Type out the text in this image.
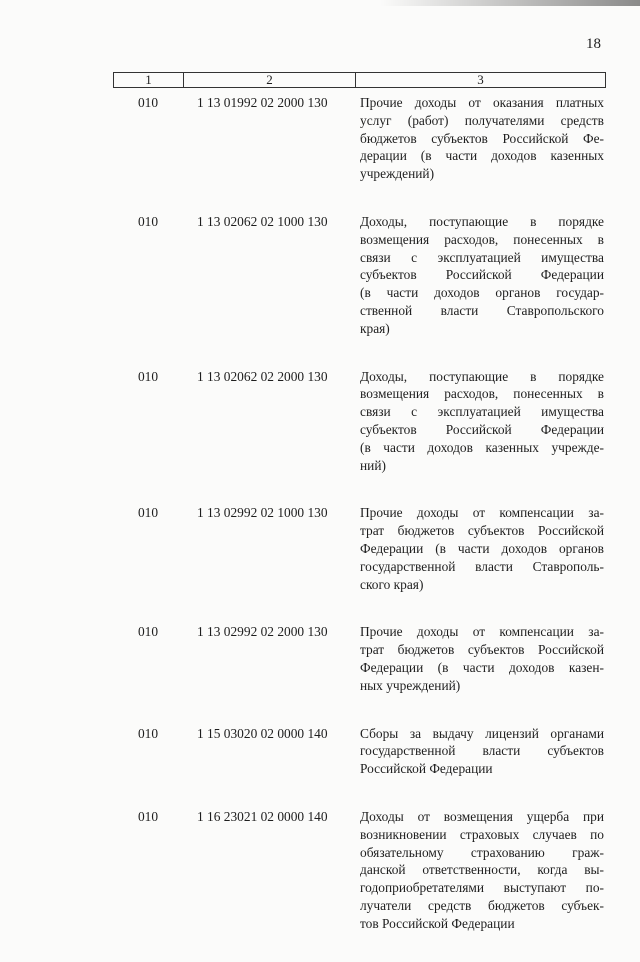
18
1	2	3
010	1 13 01992 02 2000 130	Прочие доходы от оказания платных
услуг (работ) получателями средств
бюджетов субъектов Российской Фе-
дерации (в части доходов казенных
учреждений)
010	1 13 02062 02 1000 130	Доходы, поступающие в порядке
возмещения расходов, понесенных в
связи с эксплуатацией имущества
субъектов Российской Федерации
(в части доходов органов государ-
ственной власти Ставропольского
края)
010	1 13 02062 02 2000 130	Доходы, поступающие в порядке
возмещения расходов, понесенных в
связи с эксплуатацией имущества
субъектов Российской Федерации
(в части доходов казенных учрежде-
ний)
010	1 13 02992 02 1000 130	Прочие доходы от компенсации за-
трат бюджетов субъектов Российской
Федерации (в части доходов органов
государственной власти Ставрополь-
ского края)
010	1 13 02992 02 2000 130	Прочие доходы от компенсации за-
трат бюджетов субъектов Российской
Федерации (в части доходов казен-
ных учреждений)
010	1 15 03020 02 0000 140	Сборы за выдачу лицензий органами
государственной власти субъектов
Российской Федерации
010	1 16 23021 02 0000 140	Доходы от возмещения ущерба при
возникновении страховых случаев по
обязательному страхованию граж-
данской ответственности, когда вы-
годоприобретателями выступают по-
лучатели средств бюджетов субъек-
тов Российской Федерации
